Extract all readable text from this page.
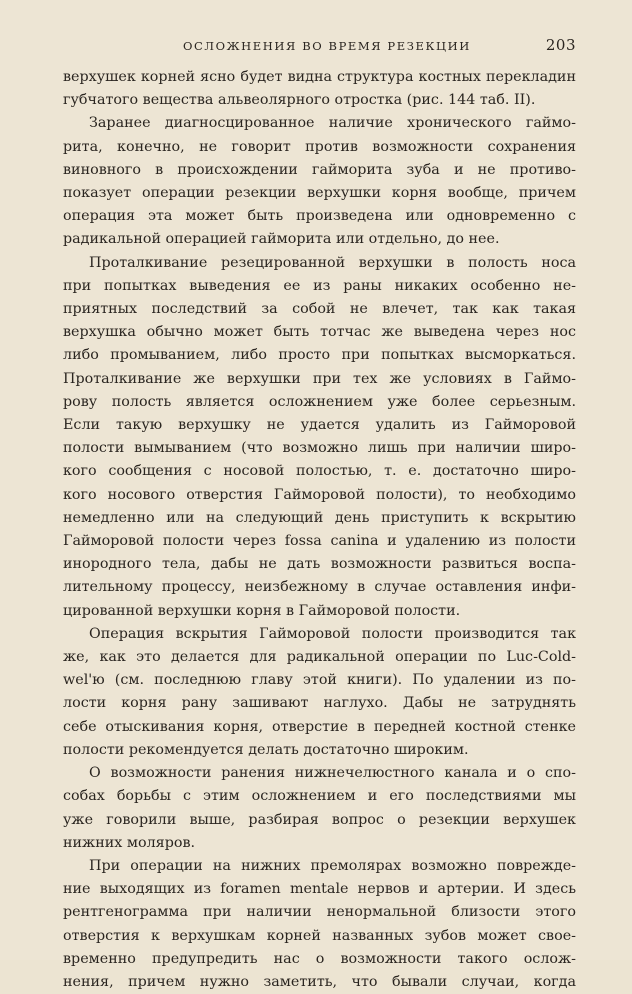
ОСЛОЖНЕНИЯ ВО ВРЕМЯ РЕЗЕКЦИИ	203

верхушек корней ясно будет видна структура костных перекладин
губчатого вещества альвеолярного отростка (рис. 144 таб. II).

Заранее диагносцированное наличие хронического гаймо-
рита, конечно, не говорит против возможности сохранения
виновного в происхождении гайморита зуба и не противо-
показует операции резекции верхушки корня вообще, причем
операция эта может быть произведена или одновременно с
радикальной операцией гайморита или отдельно, до нее.

Проталкивание резецированной верхушки в полость носа
при попытках выведения ее из раны никаких особенно не-
приятных последствий за собой не влечет, так как такая
верхушка обычно может быть тотчас же выведена через нос
либо промыванием, либо просто при попытках высморкаться.
Проталкивание же верхушки при тех же условиях в Гаймо-
рову полость является осложнением уже более серьезным.
Если такую верхушку не удается удалить из Гайморовой
полости вымыванием (что возможно лишь при наличии широ-
кого сообщения с носовой полостью, т. е. достаточно широ-
кого носового отверстия Гайморовой полости), то необходимо
немедленно или на следующий день приступить к вскрытию
Гайморовой полости через fossa canina и удалению из полости
инородного тела, дабы не дать возможности развиться воспа-
лительному процессу, неизбежному в случае оставления инфи-
цированной верхушки корня в Гайморовой полости.

Операция вскрытия Гайморовой полости производится так
же, как это делается для радикальной операции по Luc-Cold-
wel'ю (см. последнюю главу этой книги). По удалении из по-
лости корня рану зашивают наглухо. Дабы не затруднять
себе отыскивания корня, отверстие в передней костной стенке
полости рекомендуется делать достаточно широким.

О возможности ранения нижнечелюстного канала и о спо-
собах борьбы с этим осложнением и его последствиями мы
уже говорили выше, разбирая вопрос о резекции верхушек
нижних моляров.

При операции на нижних премолярах возможно поврежде-
ние выходящих из foramen mentale нервов и артерии. И здесь
рентгенограмма при наличии ненормальной близости этого
отверстия к верхушкам корней названных зубов может свое-
временно предупредить нас о возможности такого ослож-
нения, причем нужно заметить, что бывали случаи, когда
